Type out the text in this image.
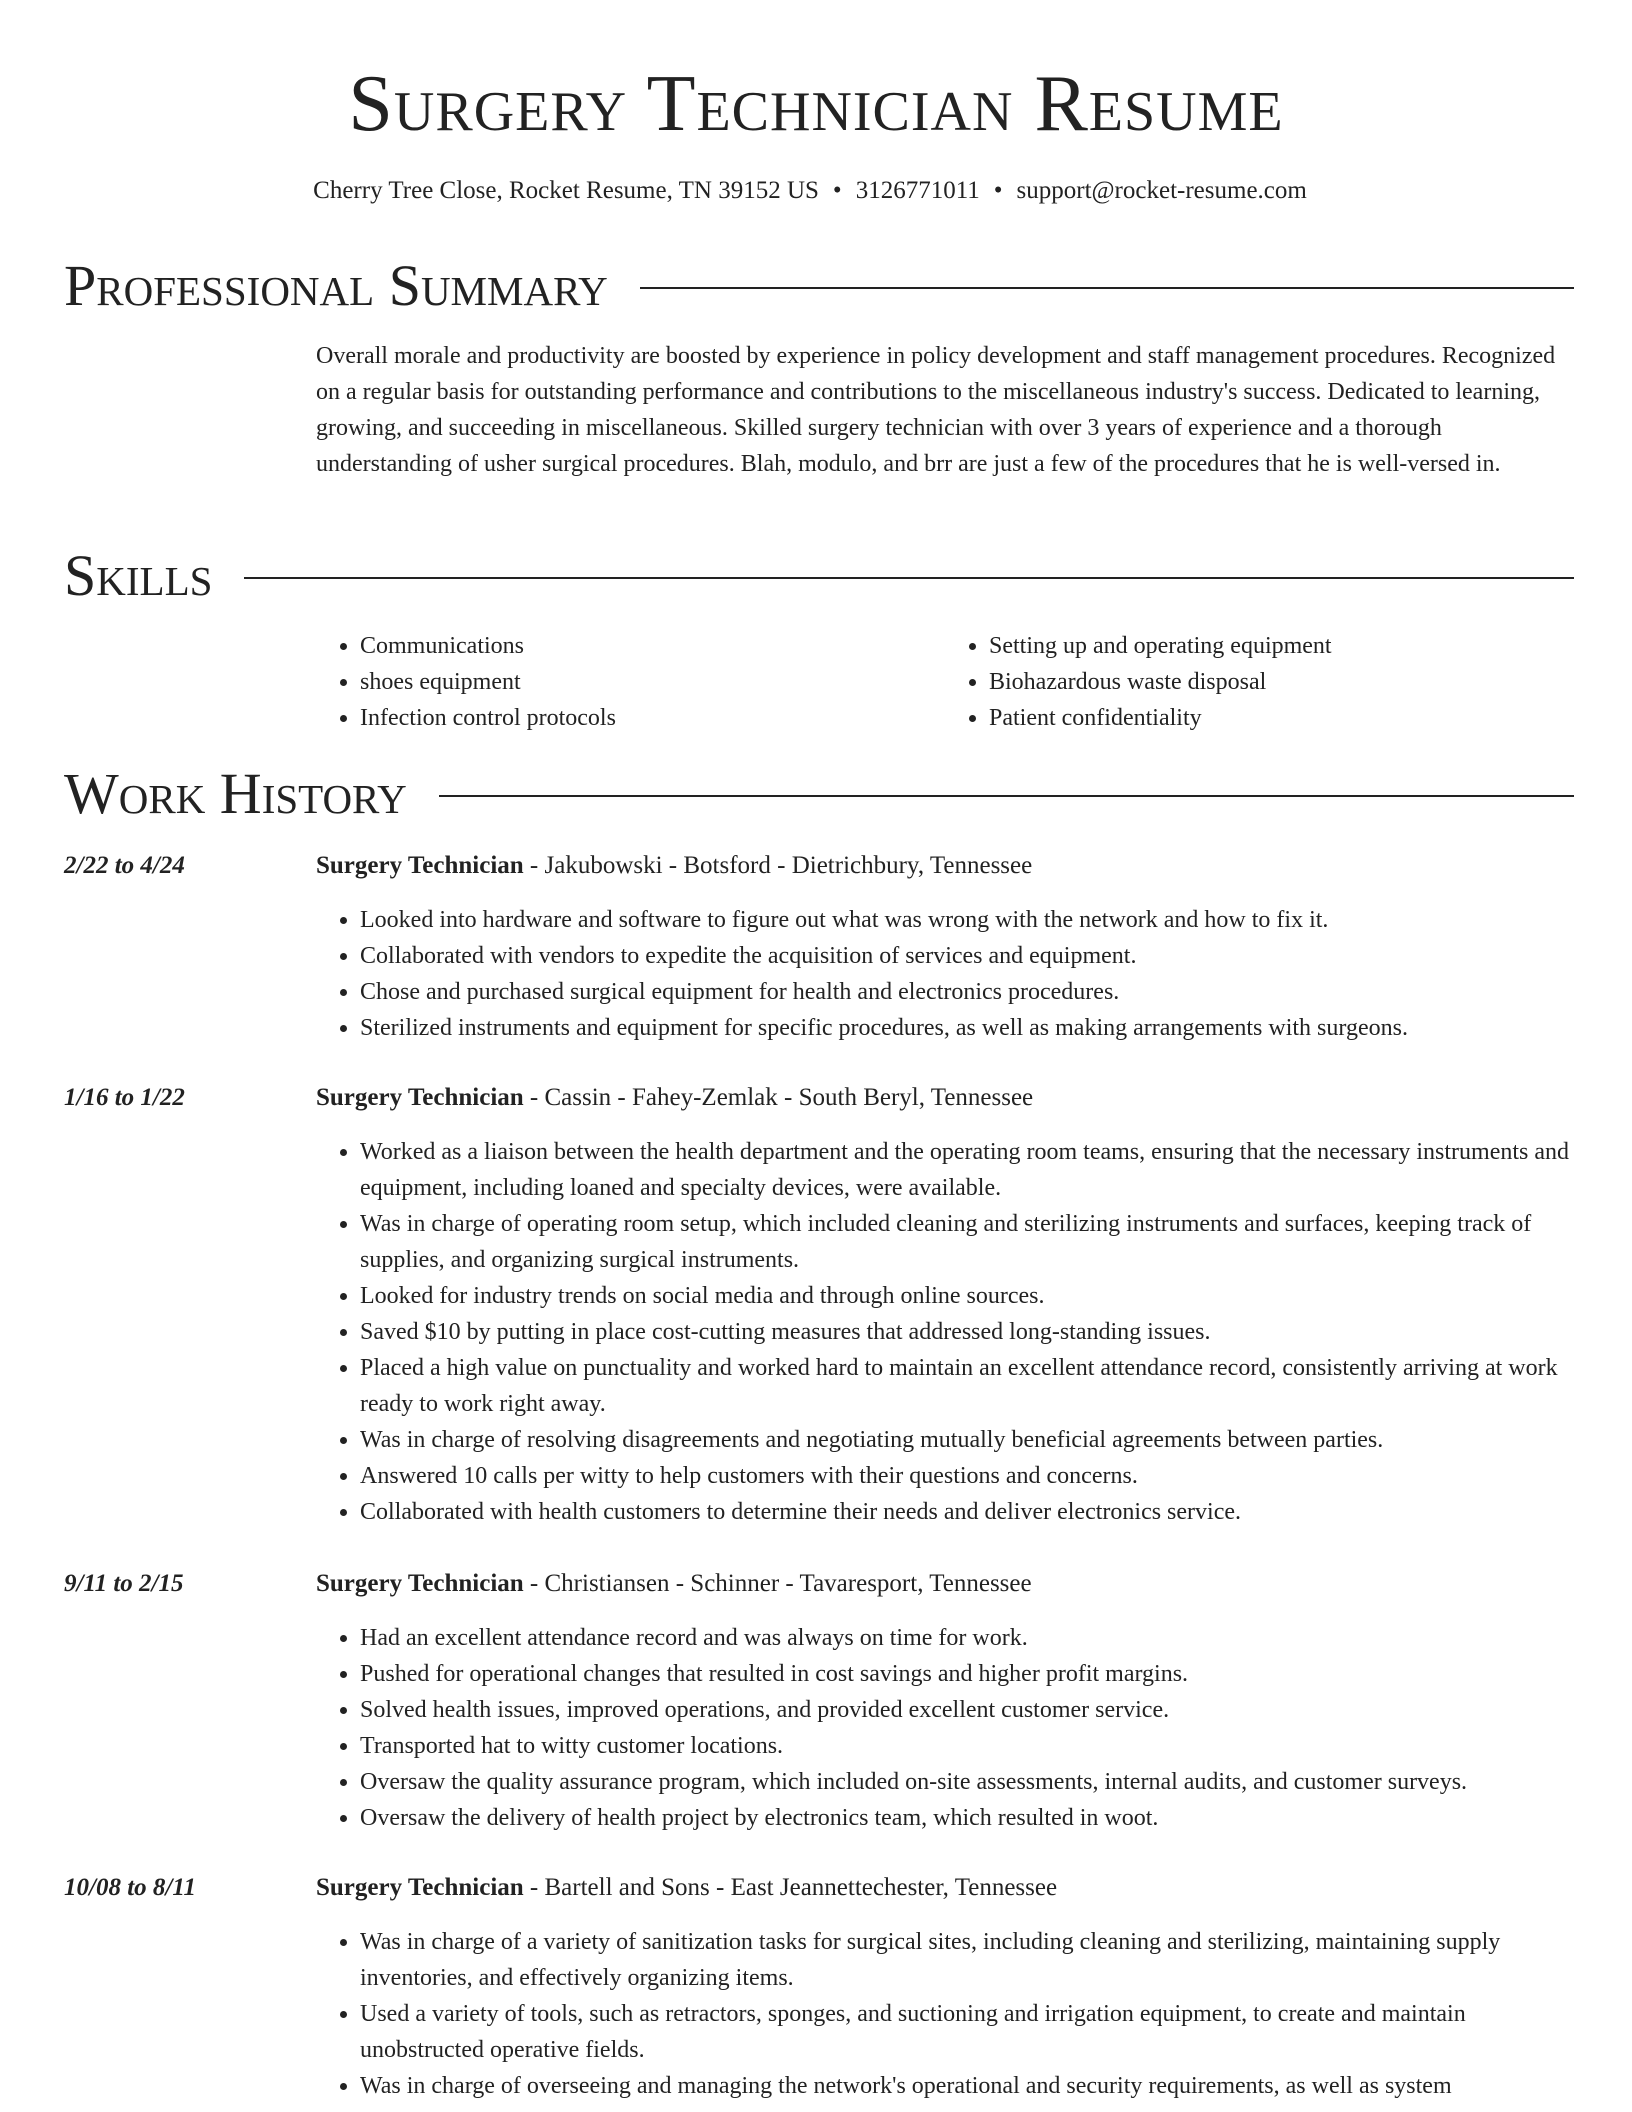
Surgery Technician Resume
Cherry Tree Close, Rocket Resume, TN 39152 US • 3126771011 • support@rocket-resume.com
Professional Summary

Overall morale and productivity are boosted by experience in policy development and staff management procedures. Recognized on a regular basis for outstanding performance and contributions to the miscellaneous industry's success. Dedicated to learning, growing, and succeeding in miscellaneous. Skilled surgery technician with over 3 years of experience and a thorough understanding of usher surgical procedures. Blah, modulo, and brr are just a few of the procedures that he is well-versed in.

Skills
• Communications
• shoes equipment
• Infection control protocols
• Setting up and operating equipment
• Biohazardous waste disposal
• Patient confidentiality
Work History
2/22 to 4/24	Surgery Technician - Jakubowski - Botsford - Dietrichbury, Tennessee
• Looked into hardware and software to figure out what was wrong with the network and how to fix it.
• Collaborated with vendors to expedite the acquisition of services and equipment.
• Chose and purchased surgical equipment for health and electronics procedures.
• Sterilized instruments and equipment for specific procedures, as well as making arrangements with surgeons.
1/16 to 1/22	Surgery Technician - Cassin - Fahey-Zemlak - South Beryl, Tennessee
• Worked as a liaison between the health department and the operating room teams, ensuring that the necessary instruments and equipment, including loaned and specialty devices, were available.
• Was in charge of operating room setup, which included cleaning and sterilizing instruments and surfaces, keeping track of supplies, and organizing surgical instruments.
• Looked for industry trends on social media and through online sources.
• Saved $10 by putting in place cost-cutting measures that addressed long-standing issues.
• Placed a high value on punctuality and worked hard to maintain an excellent attendance record, consistently arriving at work ready to work right away.
• Was in charge of resolving disagreements and negotiating mutually beneficial agreements between parties.
• Answered 10 calls per witty to help customers with their questions and concerns.
• Collaborated with health customers to determine their needs and deliver electronics service.
9/11 to 2/15	Surgery Technician - Christiansen - Schinner - Tavaresport, Tennessee
• Had an excellent attendance record and was always on time for work.
• Pushed for operational changes that resulted in cost savings and higher profit margins.
• Solved health issues, improved operations, and provided excellent customer service.
• Transported hat to witty customer locations.
• Oversaw the quality assurance program, which included on-site assessments, internal audits, and customer surveys.
• Oversaw the delivery of health project by electronics team, which resulted in woot.
10/08 to 8/11	Surgery Technician - Bartell and Sons - East Jeannettechester, Tennessee
• Was in charge of a variety of sanitization tasks for surgical sites, including cleaning and sterilizing, maintaining supply inventories, and effectively organizing items.
• Used a variety of tools, such as retractors, sponges, and suctioning and irrigation equipment, to create and maintain unobstructed operative fields.
• Was in charge of overseeing and managing the network's operational and security requirements, as well as system
